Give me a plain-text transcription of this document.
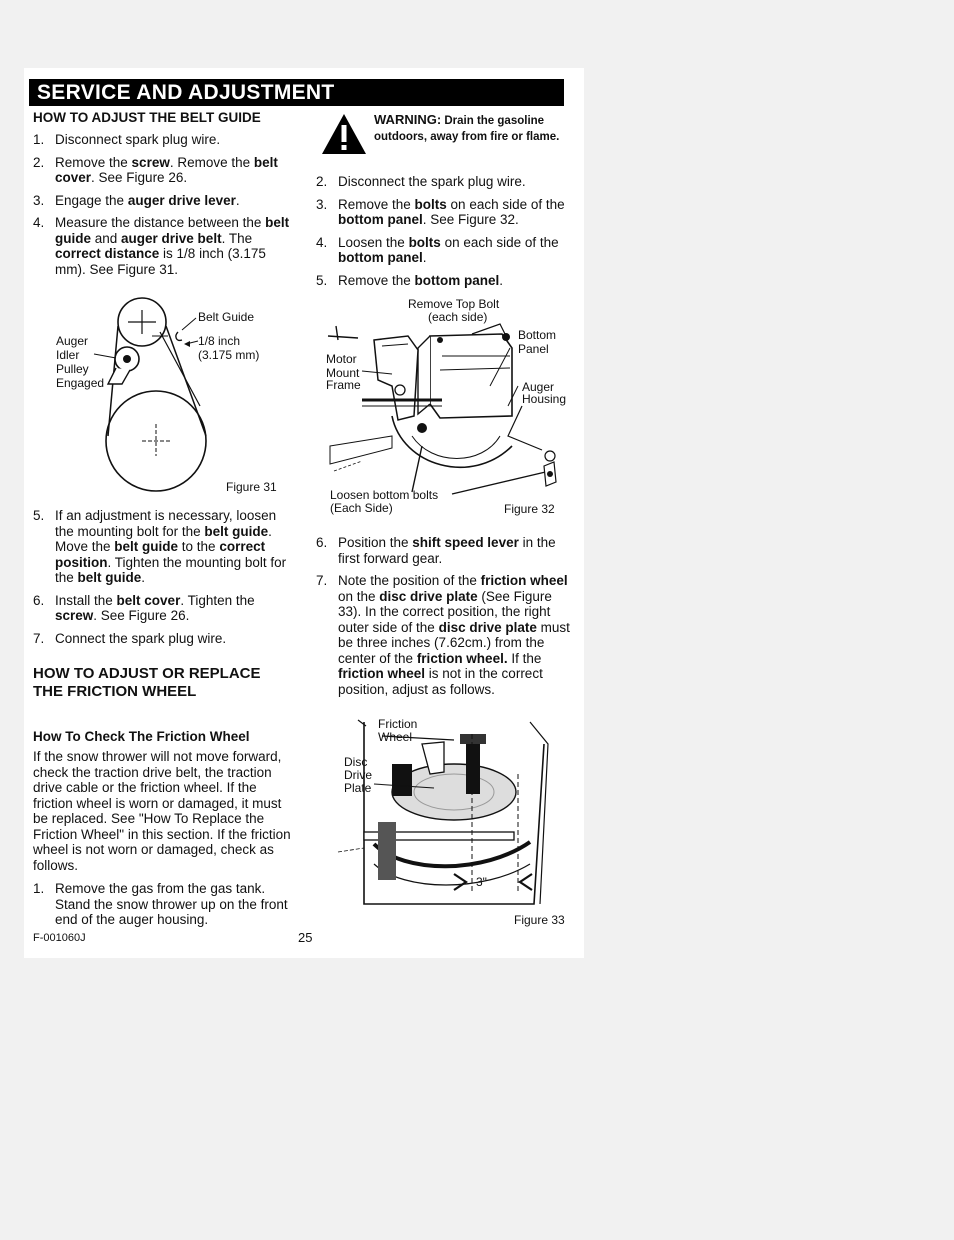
SERVICE AND ADJUSTMENT
HOW TO ADJUST THE BELT GUIDE
1. Disconnect spark plug wire.
2. Remove the screw. Remove the belt cover. See Figure 26.
3. Engage the auger drive lever.
4. Measure the distance between the belt guide and auger drive belt. The correct distance is 1/8 inch (3.175 mm). See Figure 31.
5. If an adjustment is necessary, loosen the mounting bolt for the belt guide. Move the belt guide to the correct position. Tighten the mounting bolt for the belt guide.
6. Install the belt cover. Tighten the screw. See Figure 26.
7. Connect the spark plug wire.
HOW TO ADJUST OR REPLACE
THE FRICTION WHEEL
How To Check The Friction Wheel

If the snow thrower will not move forward, check the traction drive belt, the traction drive cable or the friction wheel. If the friction wheel is worn or damaged, it must be replaced. See "How To Replace the Friction Wheel" in this section. If the friction wheel is not worn or damaged, check as follows.

1. Remove the gas from the gas tank. Stand the snow thrower up on the front end of the auger housing.
Belt Guide
Auger
Idler
Pulley
Engaged
1/8 inch
(3.175 mm)
Figure 31
WARNING: Drain the gasoline
outdoors, away from fire or flame.
2. Disconnect the spark plug wire.
3. Remove the bolts on each side of the bottom panel. See Figure 32.
4. Loosen the bolts on each side of the bottom panel.
5. Remove the bottom panel.
6. Position the shift speed lever in the first forward gear.
7. Note the position of the friction wheel on the disc drive plate (See Figure 33). In the correct position, the right outer side of the disc drive plate must be three inches (7.62cm.) from the center of the friction wheel. If the friction wheel is not in the correct position, adjust as follows.
Remove Top Bolt
(each side)
Bottom
Panel
Motor
Mount
Frame	Auger
Housing
Loosen bottom bolts
(Each Side)	Figure 32
Friction
Wheel
Disc
Drive
Plate
3"
Figure 33
F-001060J	25
